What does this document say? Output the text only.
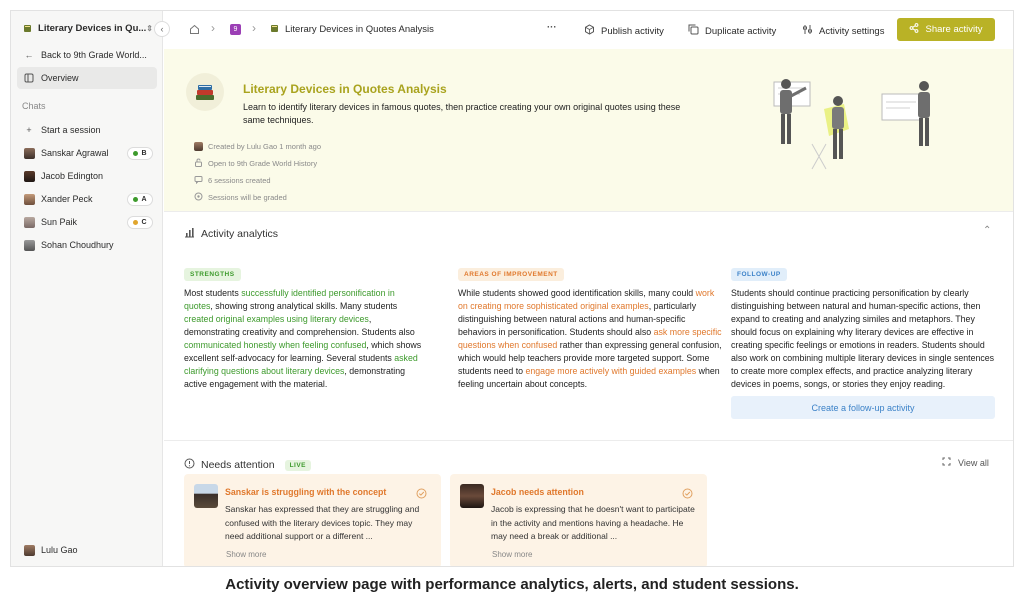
Literary Devices in Qu... ⇕ ‹
← Back to 9th Grade World...
Overview
Chats
+	Start a session
Sanskar Agrawal	B
Jacob Edington
Xander Peck	A
Sun Paik	C
Sohan Choudhury
Lulu Gao
›	9 ›	Literary Devices in Quotes Analysis	···	Publish activity	Duplicate activity	Activity settings	Share activity
Literary Devices in Quotes Analysis
Learn to identify literary devices in famous quotes, then practice creating your own original quotes using these same techniques.
Created by Lulu Gao 1 month ago
Open to 9th Grade World History
6 sessions created
Sessions will be graded
Activity analytics	⌃
STRENGTHS
Most students successfully identified personification in quotes, showing strong analytical skills. Many students created original examples using literary devices, demonstrating creativity and comprehension. Students also communicated honestly when feeling confused, which shows excellent self-advocacy for learning. Several students asked clarifying questions about literary devices, demonstrating active engagement with the material.
AREAS OF IMPROVEMENT
While students showed good identification skills, many could work on creating more sophisticated original examples, particularly distinguishing between natural actions and human-specific behaviors in personification. Students should also ask more specific questions when confused rather than expressing general confusion, which would help teachers provide more targeted support. Some students need to engage more actively with guided examples when feeling uncertain about concepts.
FOLLOW-UP
Students should continue practicing personification by clearly distinguishing between natural and human-specific actions, then expand to creating and analyzing similes and metaphors. They should focus on explaining why literary devices are effective in creating specific feelings or emotions in readers. Students should also work on combining multiple literary devices in single sentences to create more complex effects, and practice analyzing literary devices in poems, songs, or stories they enjoy reading.
Create a follow-up activity
Needs attention	LIVE	View all
Sanskar is struggling with the concept
Sanskar has expressed that they are struggling and confused with the literary devices topic. They may need additional support or a different ...
Show more
Jacob needs attention
Jacob is expressing that he doesn't want to participate in the activity and mentions having a headache. He may need a break or additional ...
Show more
Activity overview page with performance analytics, alerts, and student sessions.
